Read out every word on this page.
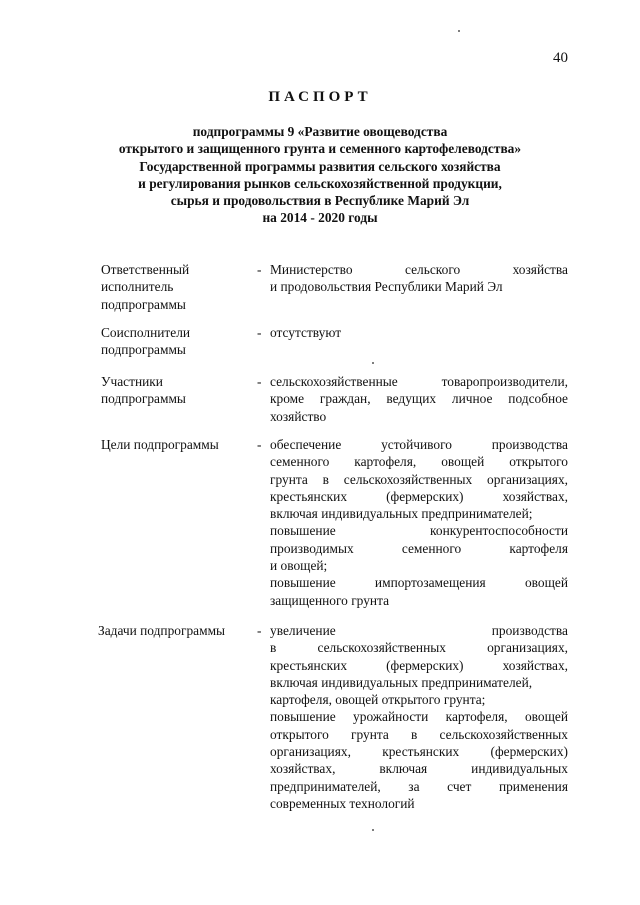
40
ПАСПОРТ
подпрограммы 9 «Развитие овощеводства
открытого и защищенного грунта и семенного картофелеводства»
Государственной программы развития сельского хозяйства
и регулирования рынков сельскохозяйственной продукции,
сырья и продовольствия в Республике Марий Эл
на 2014 - 2020 годы
Ответственный
исполнитель
подпрограммы
- Министерство сельского хозяйства
и продовольствия Республики Марий Эл
Соисполнители
подпрограммы
- отсутствуют
Участники
подпрограммы
- сельскохозяйственные товаропроизводители,
кроме граждан, ведущих личное подсобное
хозяйство
Цели подпрограммы	- обеспечение устойчивого производства
семенного картофеля, овощей открытого
грунта в сельскохозяйственных организациях,
крестьянских (фермерских) хозяйствах,
включая индивидуальных предпринимателей;
повышение конкурентоспособности
производимых семенного картофеля
и овощей;
повышение импортозамещения овощей
защищенного грунта
Задачи подпрограммы	- увеличение производства
в сельскохозяйственных организациях,
крестьянских (фермерских) хозяйствах,
включая индивидуальных предпринимателей,
картофеля, овощей открытого грунта;
повышение урожайности картофеля, овощей
открытого грунта в сельскохозяйственных
организациях, крестьянских (фермерских)
хозяйствах, включая индивидуальных
предпринимателей, за счет применения
современных технологий
